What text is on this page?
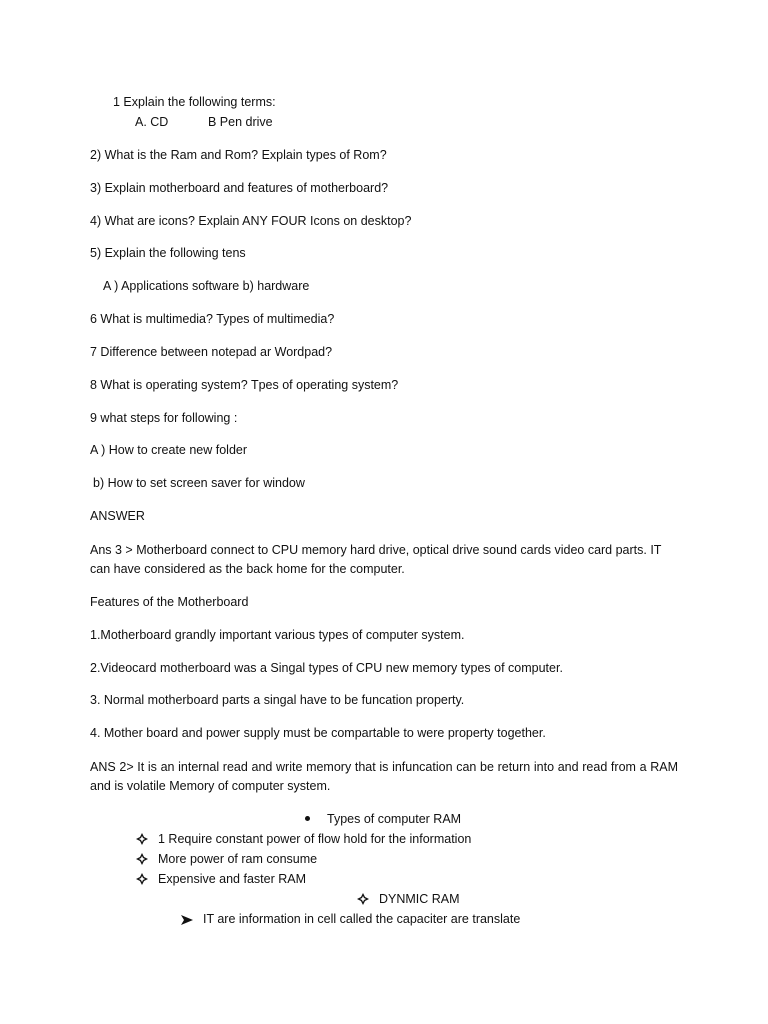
1 Explain the following terms:
A. CD	B Pen drive
2) What is the Ram and Rom? Explain types of Rom?
3) Explain motherboard and features of motherboard?
4) What are icons? Explain ANY FOUR Icons on desktop?
5) Explain the following tens
A ) Applications software b) hardware
6 What is multimedia? Types of multimedia?
7 Difference between notepad ar Wordpad?
8 What is operating system? Tpes of operating system?
9 what steps for following :
A ) How to create new folder
b) How to set screen saver for window
ANSWER
Ans 3 > Motherboard connect to CPU memory hard drive, optical drive sound cards video card parts. IT can have considered as the back home for the computer.
Features of the Motherboard
1.Motherboard grandly important various types of computer system.
2.Videocard motherboard was a Singal types of CPU new memory types of computer.
3. Normal motherboard parts a singal have to be funcation property.
4. Mother board and power supply must be compartable to were property together.
ANS 2> It is an internal read and write memory that is infuncation can be return into and read from a RAM and is volatile Memory of computer system.
Types of computer RAM
1 Require constant power of flow hold for the information
More power of ram consume
Expensive and faster RAM
DYNMIC RAM
IT are information in cell called the capaciter are translate
